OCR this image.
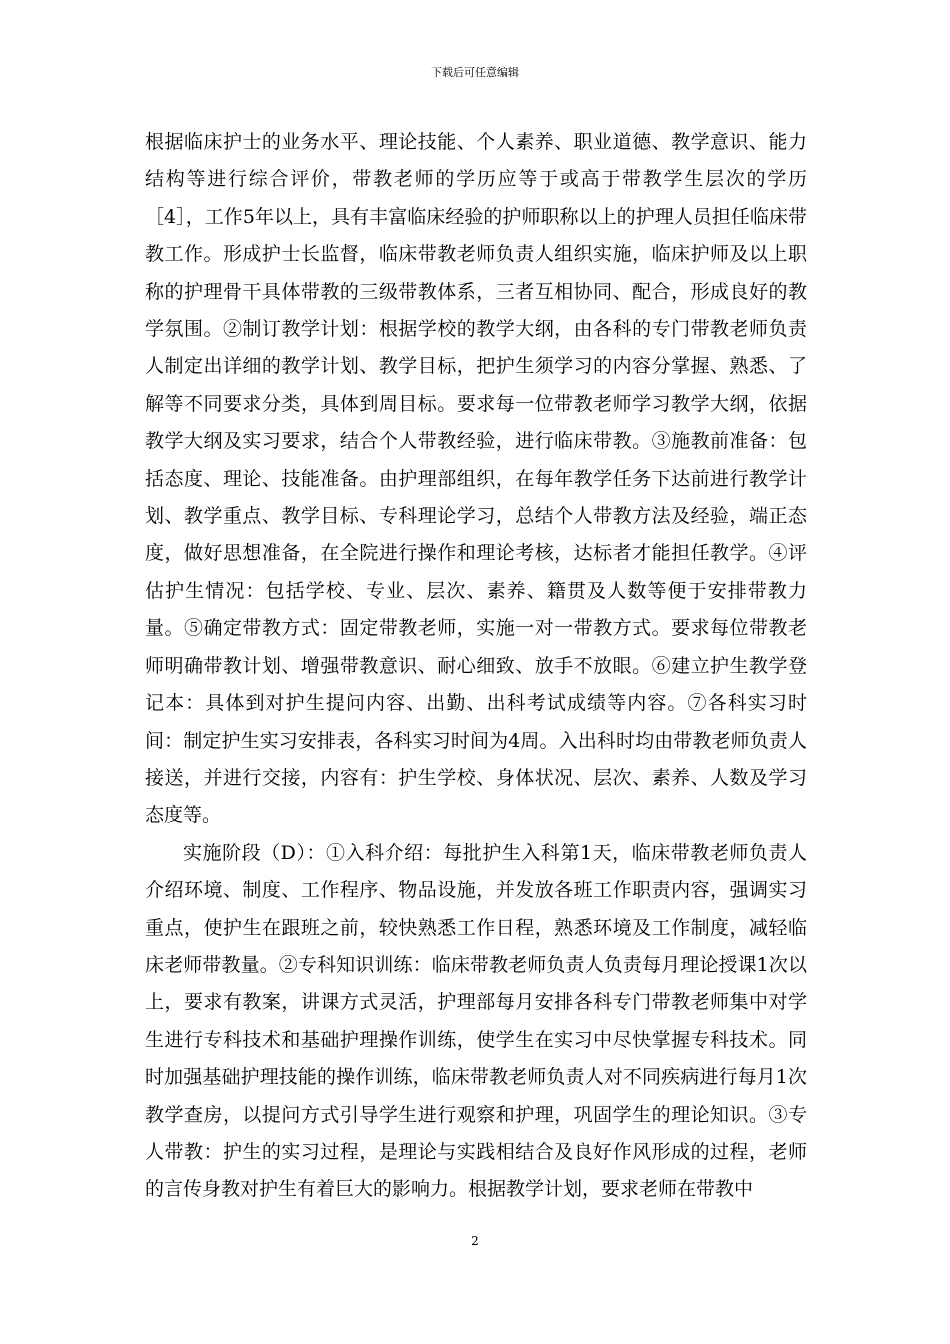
下载后可任意编辑

根据临床护士的业务水平、理论技能、个人素养、职业道德、教学意识、能力结构等进行综合评价，带教老师的学历应等于或高于带教学生层次的学历［4］，工作5年以上，具有丰富临床经验的护师职称以上的护理人员担任临床带教工作。形成护士长监督，临床带教老师负责人组织实施，临床护师及以上职称的护理骨干具体带教的三级带教体系，三者互相协同、配合，形成良好的教学氛围。②制订教学计划：根据学校的教学大纲，由各科的专门带教老师负责人制定出详细的教学计划、教学目标，把护生须学习的内容分掌握、熟悉、了解等不同要求分类，具体到周目标。要求每一位带教老师学习教学大纲，依据教学大纲及实习要求，结合个人带教经验，进行临床带教。③施教前准备：包括态度、理论、技能准备。由护理部组织，在每年教学任务下达前进行教学计划、教学重点、教学目标、专科理论学习，总结个人带教方法及经验，端正态度，做好思想准备，在全院进行操作和理论考核，达标者才能担任教学。④评估护生情况：包括学校、专业、层次、素养、籍贯及人数等便于安排带教力量。⑤确定带教方式：固定带教老师，实施一对一带教方式。要求每位带教老师明确带教计划、增强带教意识、耐心细致、放手不放眼。⑥建立护生教学登记本：具体到对护生提问内容、出勤、出科考试成绩等内容。⑦各科实习时间：制定护生实习安排表，各科实习时间为4周。入出科时均由带教老师负责人接送，并进行交接，内容有：护生学校、身体状况、层次、素养、人数及学习态度等。

实施阶段（D）：①入科介绍：每批护生入科第1天，临床带教老师负责人介绍环境、制度、工作程序、物品设施，并发放各班工作职责内容，强调实习重点，使护生在跟班之前，较快熟悉工作日程，熟悉环境及工作制度，减轻临床老师带教量。②专科知识训练：临床带教老师负责人负责每月理论授课1次以上，要求有教案，讲课方式灵活，护理部每月安排各科专门带教老师集中对学生进行专科技术和基础护理操作训练，使学生在实习中尽快掌握专科技术。同时加强基础护理技能的操作训练，临床带教老师负责人对不同疾病进行每月1次教学查房，以提问方式引导学生进行观察和护理，巩固学生的理论知识。③专人带教：护生的实习过程，是理论与实践相结合及良好作风形成的过程，老师的言传身教对护生有着巨大的影响力。根据教学计划，要求老师在带教中

2
